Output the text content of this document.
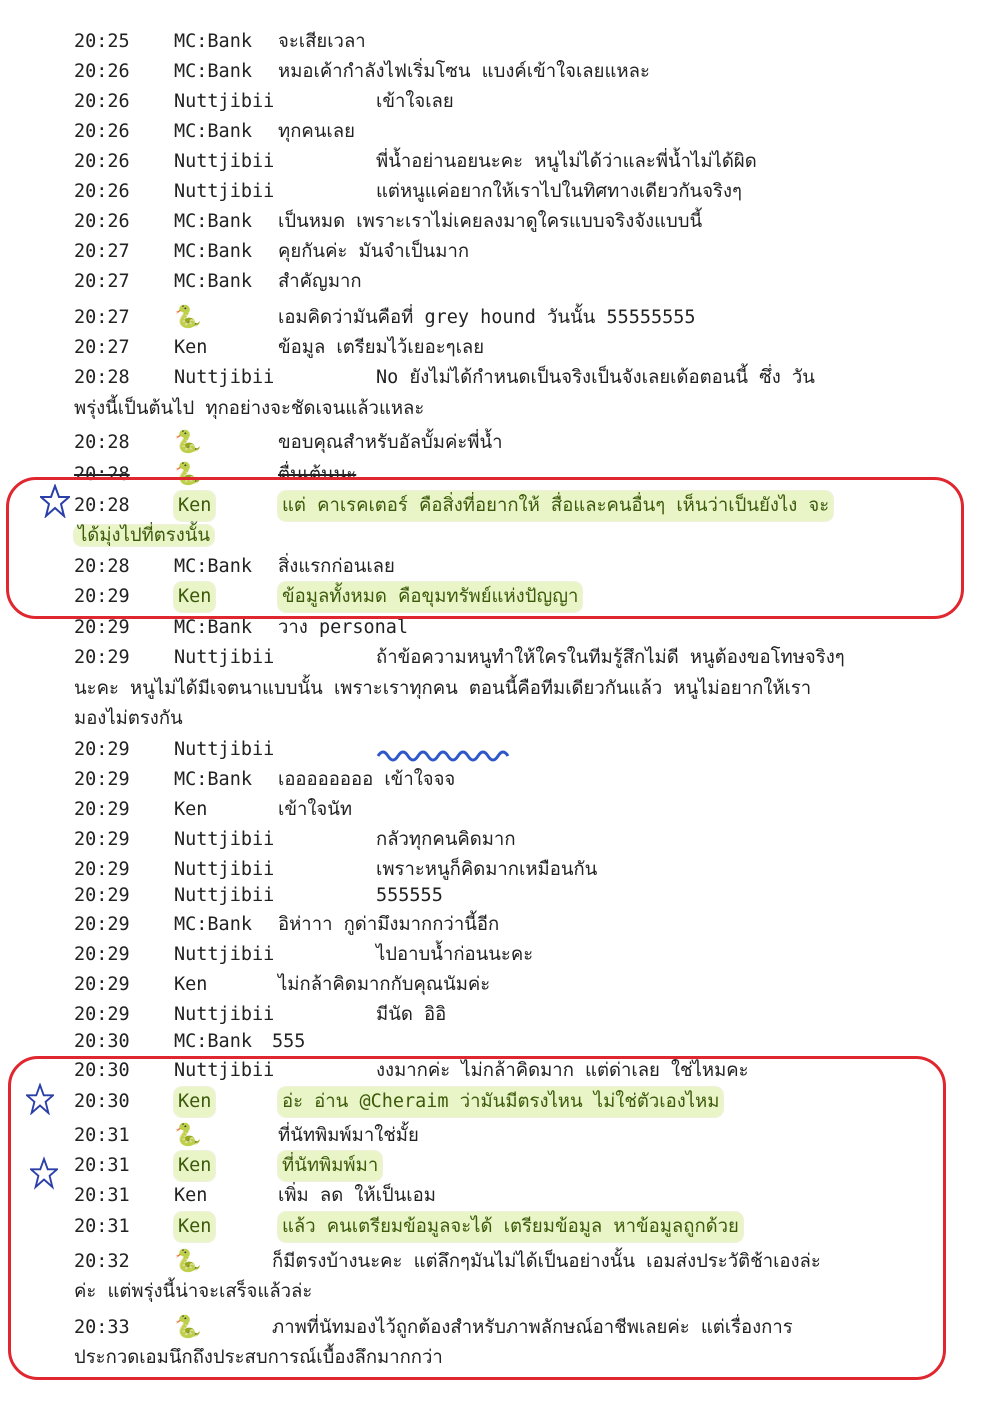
20:25 MC:Bank จะเสียเวลา
20:26 MC:Bank หมอเค้ากำลังไฟเริ่มโซน แบงค์เข้าใจเลยแหละ
20:26 Nuttjibii	เข้าใจเลย
20:26 MC:Bank ทุกคนเลย
20:26 Nuttjibii	พี่น้ำอย่านอยนะคะ หนูไม่ได้ว่าและพี่น้ำไม่ได้ผิด
20:26 Nuttjibii	แต่หนูแค่อยากให้เราไปในทิศทางเดียวกันจริงๆ
20:26 MC:Bank เป็นหมด เพราะเราไม่เคยลงมาดูใครแบบจริงจังแบบนี้
20:27 MC:Bank คุยกันค่ะ มันจำเป็นมาก
20:27 MC:Bank สำคัญมาก
20:27 🐍	เอมคิดว่ามันคือที่ grey hound วันนั้น 55555555
20:27 Ken	ข้อมูล เตรียมไว้เยอะๆเลย
20:28 Nuttjibii	No ยังไม่ได้กำหนดเป็นจริงเป็นจังเลยเด้อตอนนี้ ซึ่ง วัน
พรุ่งนี้เป็นต้นไป ทุกอย่างจะชัดเจนแล้วแหละ
20:28 🐍	ขอบคุณสำหรับอัลบั้มค่ะพี่น้ำ
20:28 🐍	ตื่นเต้นนะ
20:28	Ken	แต่ คาเรคเตอร์ คือสิ่งที่อยากให้ สื่อและคนอื่นๆ เห็นว่าเป็นยังไง จะ
ได้มุ่งไปที่ตรงนั้น
20:28 MC:Bank สิ่งแรกก่อนเลย
20:29	Ken	ข้อมูลทั้งหมด คือขุมทรัพย์แห่งปัญญา
20:29 MC:Bank วาง personal
20:29 Nuttjibii	ถ้าข้อความหนูทำให้ใครในทีมรู้สึกไม่ดี หนูต้องขอโทษจริงๆ
นะคะ หนูไม่ได้มีเจตนาแบบนั้น เพราะเราทุกคน ตอนนี้คือทีมเดียวกันแล้ว หนูไม่อยากให้เรา
มองไม่ตรงกัน
20:29 Nuttjibii
20:29 MC:Bank เออออออออ เข้าใจจจ
20:29 Ken	เข้าใจนัท
20:29 Nuttjibii	กลัวทุกคนคิดมาก
20:29 Nuttjibii	เพราะหนูก็คิดมากเหมือนกัน
20:29 Nuttjibii	555555
20:29 MC:Bank อิห่าาา กูด่ามึงมากกว่านี้อีก
20:29 Nuttjibii	ไปอาบน้ำก่อนนะคะ
20:29 Ken	ไม่กล้าคิดมากกับคุณนัมค่ะ
20:29 Nuttjibii	มีนัด อิอิ
20:30 MC:Bank 555
20:30 Nuttjibii	งงมากค่ะ ไม่กล้าคิดมาก แต่ด่าเลย ใช่ไหมคะ
20:30	Ken	อ่ะ อ่าน @Cheraim ว่ามันมีตรงไหน ไม่ใช่ตัวเองไหม
20:31 🐍	ที่นัทพิมพ์มาใช่มั้ย
20:31	Ken	ที่นัทพิมพ์มา
20:31 Ken	เพิ่ม ลด ให้เป็นเอม
20:31	Ken	แล้ว คนเตรียมข้อมูลจะได้ เตรียมข้อมูล หาข้อมูลถูกด้วย
20:32 🐍	ก็มีตรงบ้างนะคะ แต่ลึกๆมันไม่ได้เป็นอย่างนั้น เอมส่งประวัติช้าเองล่ะ
ค่ะ แต่พรุ่งนี้น่าจะเสร็จแล้วล่ะ
20:33 🐍	ภาพที่นัทมองไว้ถูกต้องสำหรับภาพลักษณ์อาชีพเลยค่ะ แต่เรื่องการ
ประกวดเอมนึกถึงประสบการณ์เบื้องลึกมากกว่า
